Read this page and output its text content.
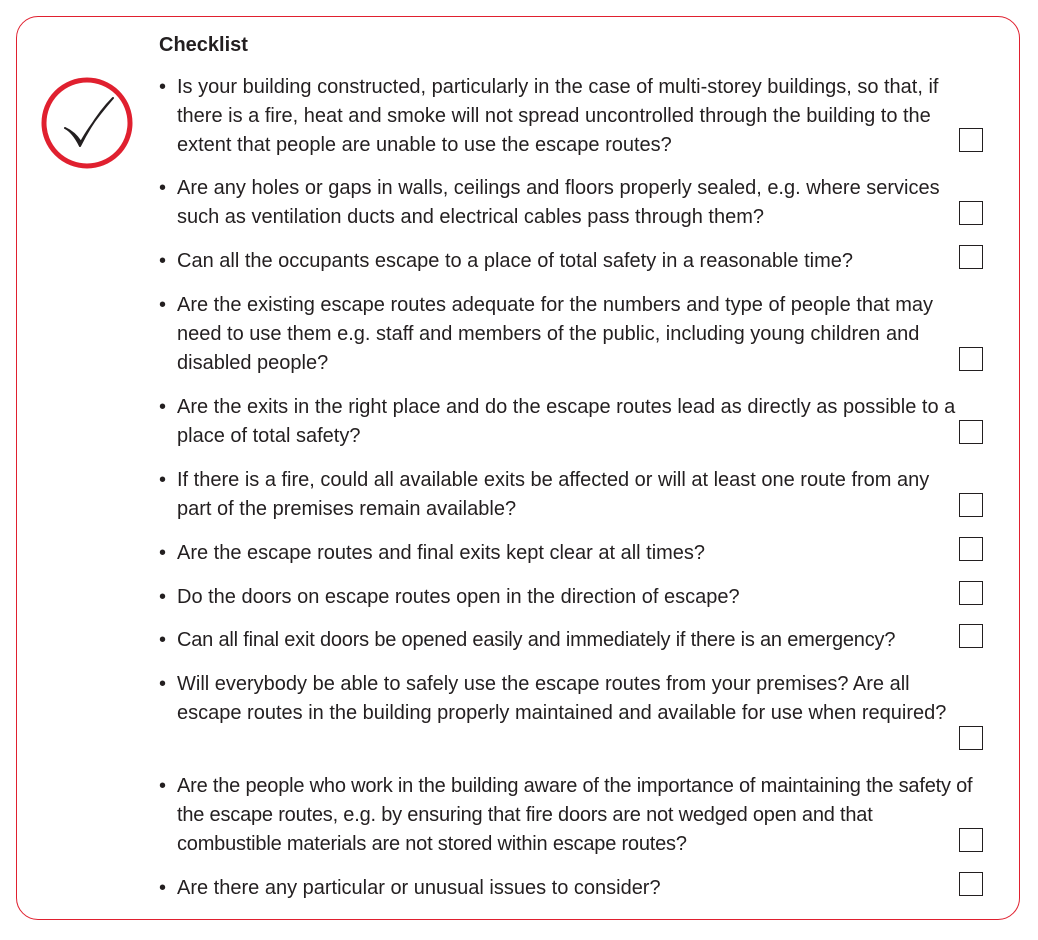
Checklist
• Is your building constructed, particularly in the case of multi-storey buildings, so that, if there is a fire, heat and smoke will not spread uncontrolled through the building to the extent that people are unable to use the escape routes?
• Are any holes or gaps in walls, ceilings and floors properly sealed, e.g. where services such as ventilation ducts and electrical cables pass through them?
• Can all the occupants escape to a place of total safety in a reasonable time?
• Are the existing escape routes adequate for the numbers and type of people that may need to use them e.g. staff and members of the public, including young children and disabled people?
• Are the exits in the right place and do the escape routes lead as directly as possible to a place of total safety?
• If there is a fire, could all available exits be affected or will at least one route from any part of the premises remain available?
• Are the escape routes and final exits kept clear at all times?
• Do the doors on escape routes open in the direction of escape?
• Can all final exit doors be opened easily and immediately if there is an emergency?
• Will everybody be able to safely use the escape routes from your premises? Are all escape routes in the building properly maintained and available for use when required?
• Are the people who work in the building aware of the importance of maintaining the safety of the escape routes, e.g. by ensuring that fire doors are not wedged open and that combustible materials are not stored within escape routes?
• Are there any particular or unusual issues to consider?
